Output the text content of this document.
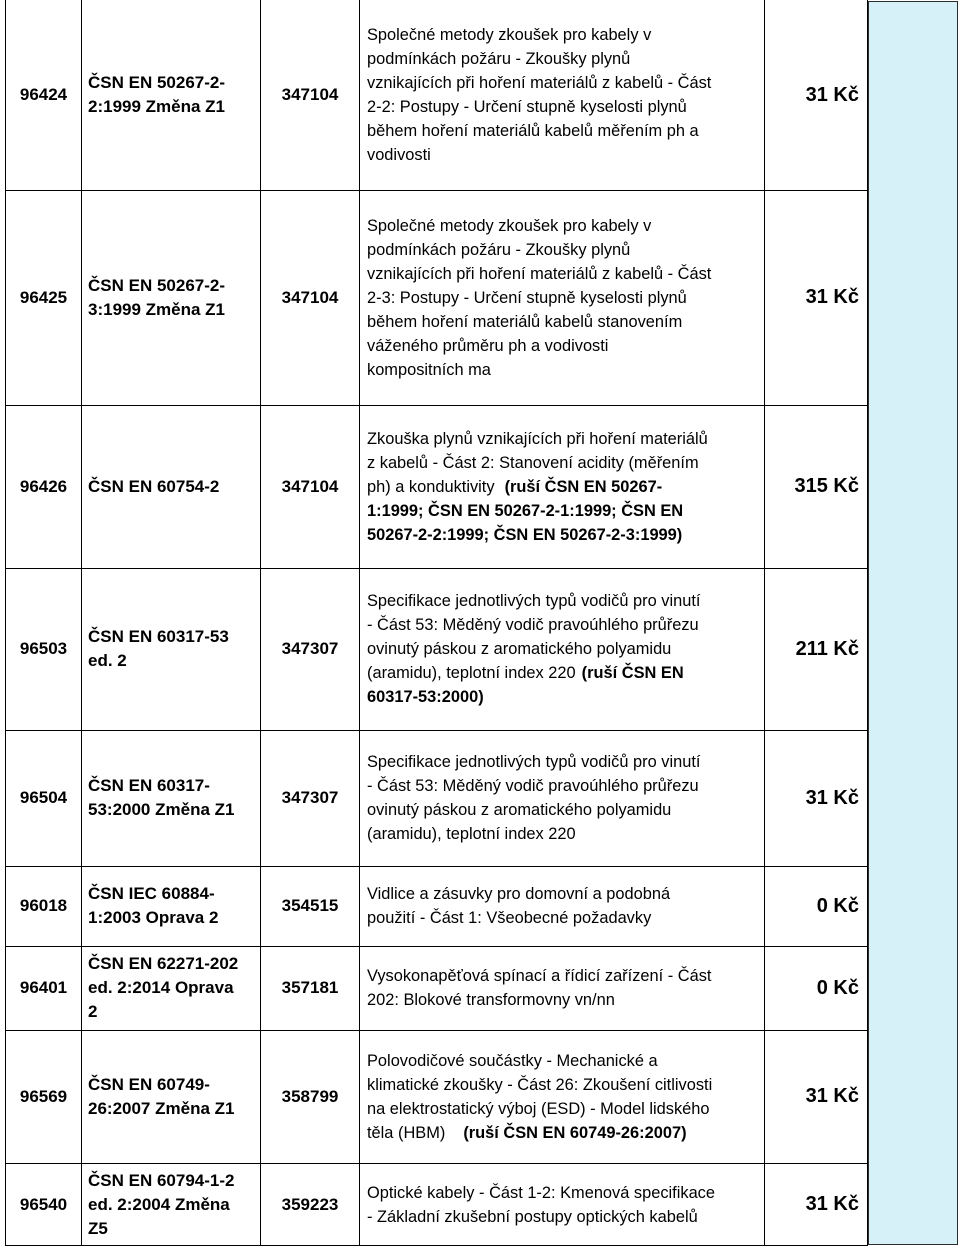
96424
ČSN EN 50267-2-
2:1999 Změna Z1
347104
Společné metody zkoušek pro kabely v
podmínkách požáru - Zkoušky plynů
vznikajících při hoření materiálů z kabelů - Část
2-2: Postupy - Určení stupně kyselosti plynů
během hoření materiálů kabelů měřením ph a
vodivosti
31 Kč
96425
ČSN EN 50267-2-
3:1999 Změna Z1
347104
Společné metody zkoušek pro kabely v
podmínkách požáru - Zkoušky plynů
vznikajících při hoření materiálů z kabelů - Část
2-3: Postupy - Určení stupně kyselosti plynů
během hoření materiálů kabelů stanovením
váženého průměru ph a vodivosti
kompositních ma
31 Kč
96426 ČSN EN 60754-2	347104
Zkouška plynů vznikajících při hoření materiálů
z kabelů - Část 2: Stanovení acidity (měřením
ph) a konduktivity (ruší ČSN EN 50267-
1:1999; ČSN EN 50267-2-1:1999; ČSN EN
50267-2-2:1999; ČSN EN 50267-2-3:1999)
315 Kč
96503
ČSN EN 60317-53
ed. 2
347307
Specifikace jednotlivých typů vodičů pro vinutí
- Část 53: Měděný vodič pravoúhlého průřezu
ovinutý páskou z aromatického polyamidu
(aramidu), teplotní index 220 (ruší ČSN EN
60317-53:2000)
211 Kč
96504
ČSN EN 60317-
53:2000 Změna Z1
347307
Specifikace jednotlivých typů vodičů pro vinutí
- Část 53: Měděný vodič pravoúhlého průřezu
ovinutý páskou z aromatického polyamidu
(aramidu), teplotní index 220
31 Kč
96018
ČSN IEC 60884-
1:2003 Oprava 2
354515
Vidlice a zásuvky pro domovní a podobná
použití - Část 1: Všeobecné požadavky
0 Kč
96401
ČSN EN 62271-202
ed. 2:2014 Oprava
2
357181
Vysokonapěťová spínací a řídicí zařízení - Část
202: Blokové transformovny vn/nn
0 Kč
96569
ČSN EN 60749-
26:2007 Změna Z1
358799
Polovodičové součástky - Mechanické a
klimatické zkoušky - Část 26: Zkoušení citlivosti
na elektrostatický výboj (ESD) - Model lidského
těla (HBM) (ruší ČSN EN 60749-26:2007)
31 Kč
96540
ČSN EN 60794-1-2
ed. 2:2004 Změna
Z5
359223
Optické kabely - Část 1-2: Kmenová specifikace
- Základní zkušební postupy optických kabelů
31 Kč
